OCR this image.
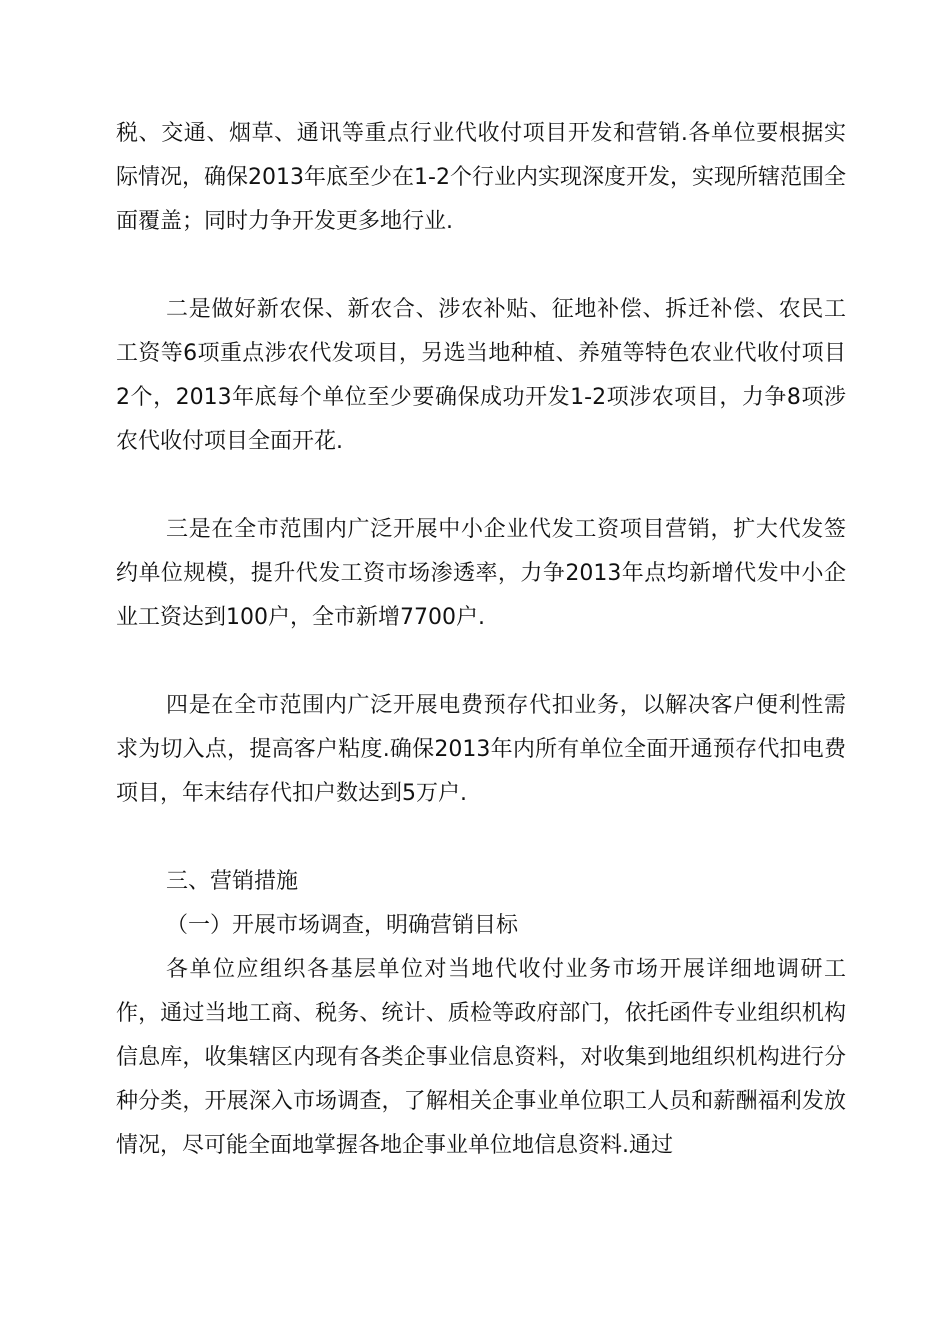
税、交通、烟草、通讯等重点行业代收付项目开发和营销.各单位要根据实际情况，确保2013年底至少在1-2个行业内实现深度开发，实现所辖范围全面覆盖；同时力争开发更多地行业.

二是做好新农保、新农合、涉农补贴、征地补偿、拆迁补偿、农民工工资等6项重点涉农代发项目，另选当地种植、养殖等特色农业代收付项目2个，2013年底每个单位至少要确保成功开发1-2项涉农项目，力争8项涉农代收付项目全面开花.

三是在全市范围内广泛开展中小企业代发工资项目营销，扩大代发签约单位规模，提升代发工资市场渗透率，力争2013年点均新增代发中小企业工资达到100户，全市新增7700户.

四是在全市范围内广泛开展电费预存代扣业务，以解决客户便利性需求为切入点，提高客户粘度.确保2013年内所有单位全面开通预存代扣电费项目，年末结存代扣户数达到5万户.

三、营销措施

（一）开展市场调查，明确营销目标

各单位应组织各基层单位对当地代收付业务市场开展详细地调研工作，通过当地工商、税务、统计、质检等政府部门，依托函件专业组织机构信息库，收集辖区内现有各类企事业信息资料，对收集到地组织机构进行分种分类，开展深入市场调查，了解相关企事业单位职工人员和薪酬福利发放情况，尽可能全面地掌握各地企事业单位地信息资料.通过
